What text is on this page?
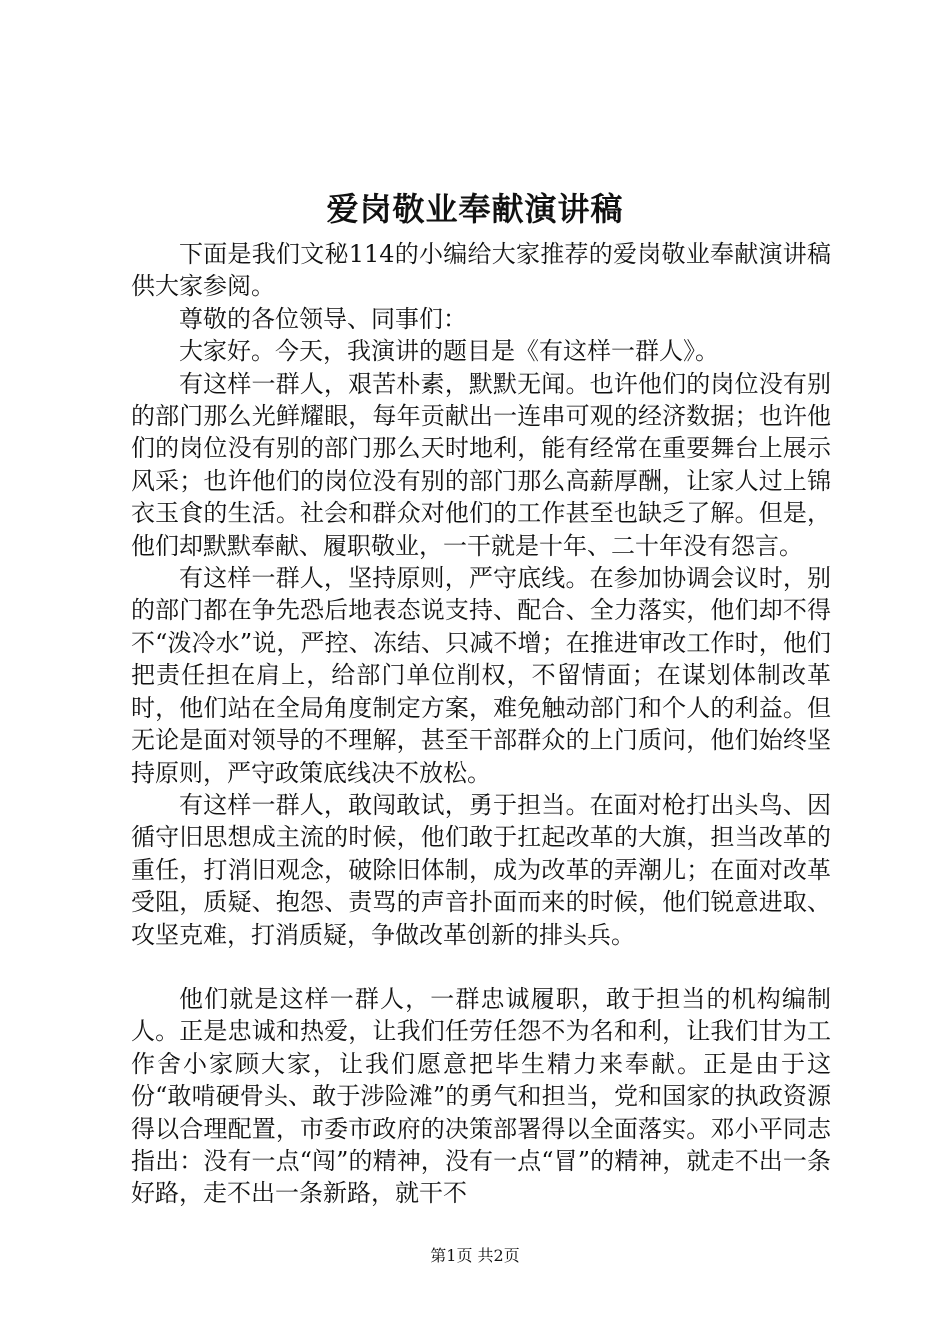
爱岗敬业奉献演讲稿

下面是我们文秘114的小编给大家推荐的爱岗敬业奉献演讲稿供大家参阅。

尊敬的各位领导、同事们：

大家好。今天，我演讲的题目是《有这样一群人》。

有这样一群人，艰苦朴素，默默无闻。也许他们的岗位没有别的部门那么光鲜耀眼，每年贡献出一连串可观的经济数据；也许他们的岗位没有别的部门那么天时地利，能有经常在重要舞台上展示风采；也许他们的岗位没有别的部门那么高薪厚酬，让家人过上锦衣玉食的生活。社会和群众对他们的工作甚至也缺乏了解。但是，他们却默默奉献、履职敬业，一干就是十年、二十年没有怨言。

有这样一群人，坚持原则，严守底线。在参加协调会议时，别的部门都在争先恐后地表态说支持、配合、全力落实，他们却不得不“泼冷水”说，严控、冻结、只减不增；在推进审改工作时，他们把责任担在肩上，给部门单位削权，不留情面；在谋划体制改革时，他们站在全局角度制定方案，难免触动部门和个人的利益。但无论是面对领导的不理解，甚至干部群众的上门质问，他们始终坚持原则，严守政策底线决不放松。

有这样一群人，敢闯敢试，勇于担当。在面对枪打出头鸟、因循守旧思想成主流的时候，他们敢于扛起改革的大旗，担当改革的重任，打消旧观念，破除旧体制，成为改革的弄潮儿；在面对改革受阻，质疑、抱怨、责骂的声音扑面而来的时候，他们锐意进取、攻坚克难，打消质疑，争做改革创新的排头兵。

他们就是这样一群人，一群忠诚履职，敢于担当的机构编制人。正是忠诚和热爱，让我们任劳任怨不为名和利，让我们甘为工作舍小家顾大家，让我们愿意把毕生精力来奉献。正是由于这份“敢啃硬骨头、敢于涉险滩”的勇气和担当，党和国家的执政资源得以合理配置，市委市政府的决策部署得以全面落实。邓小平同志指出：没有一点“闯”的精神，没有一点“冒”的精神，就走不出一条好路，走不出一条新路，就干不

第1页 共2页
